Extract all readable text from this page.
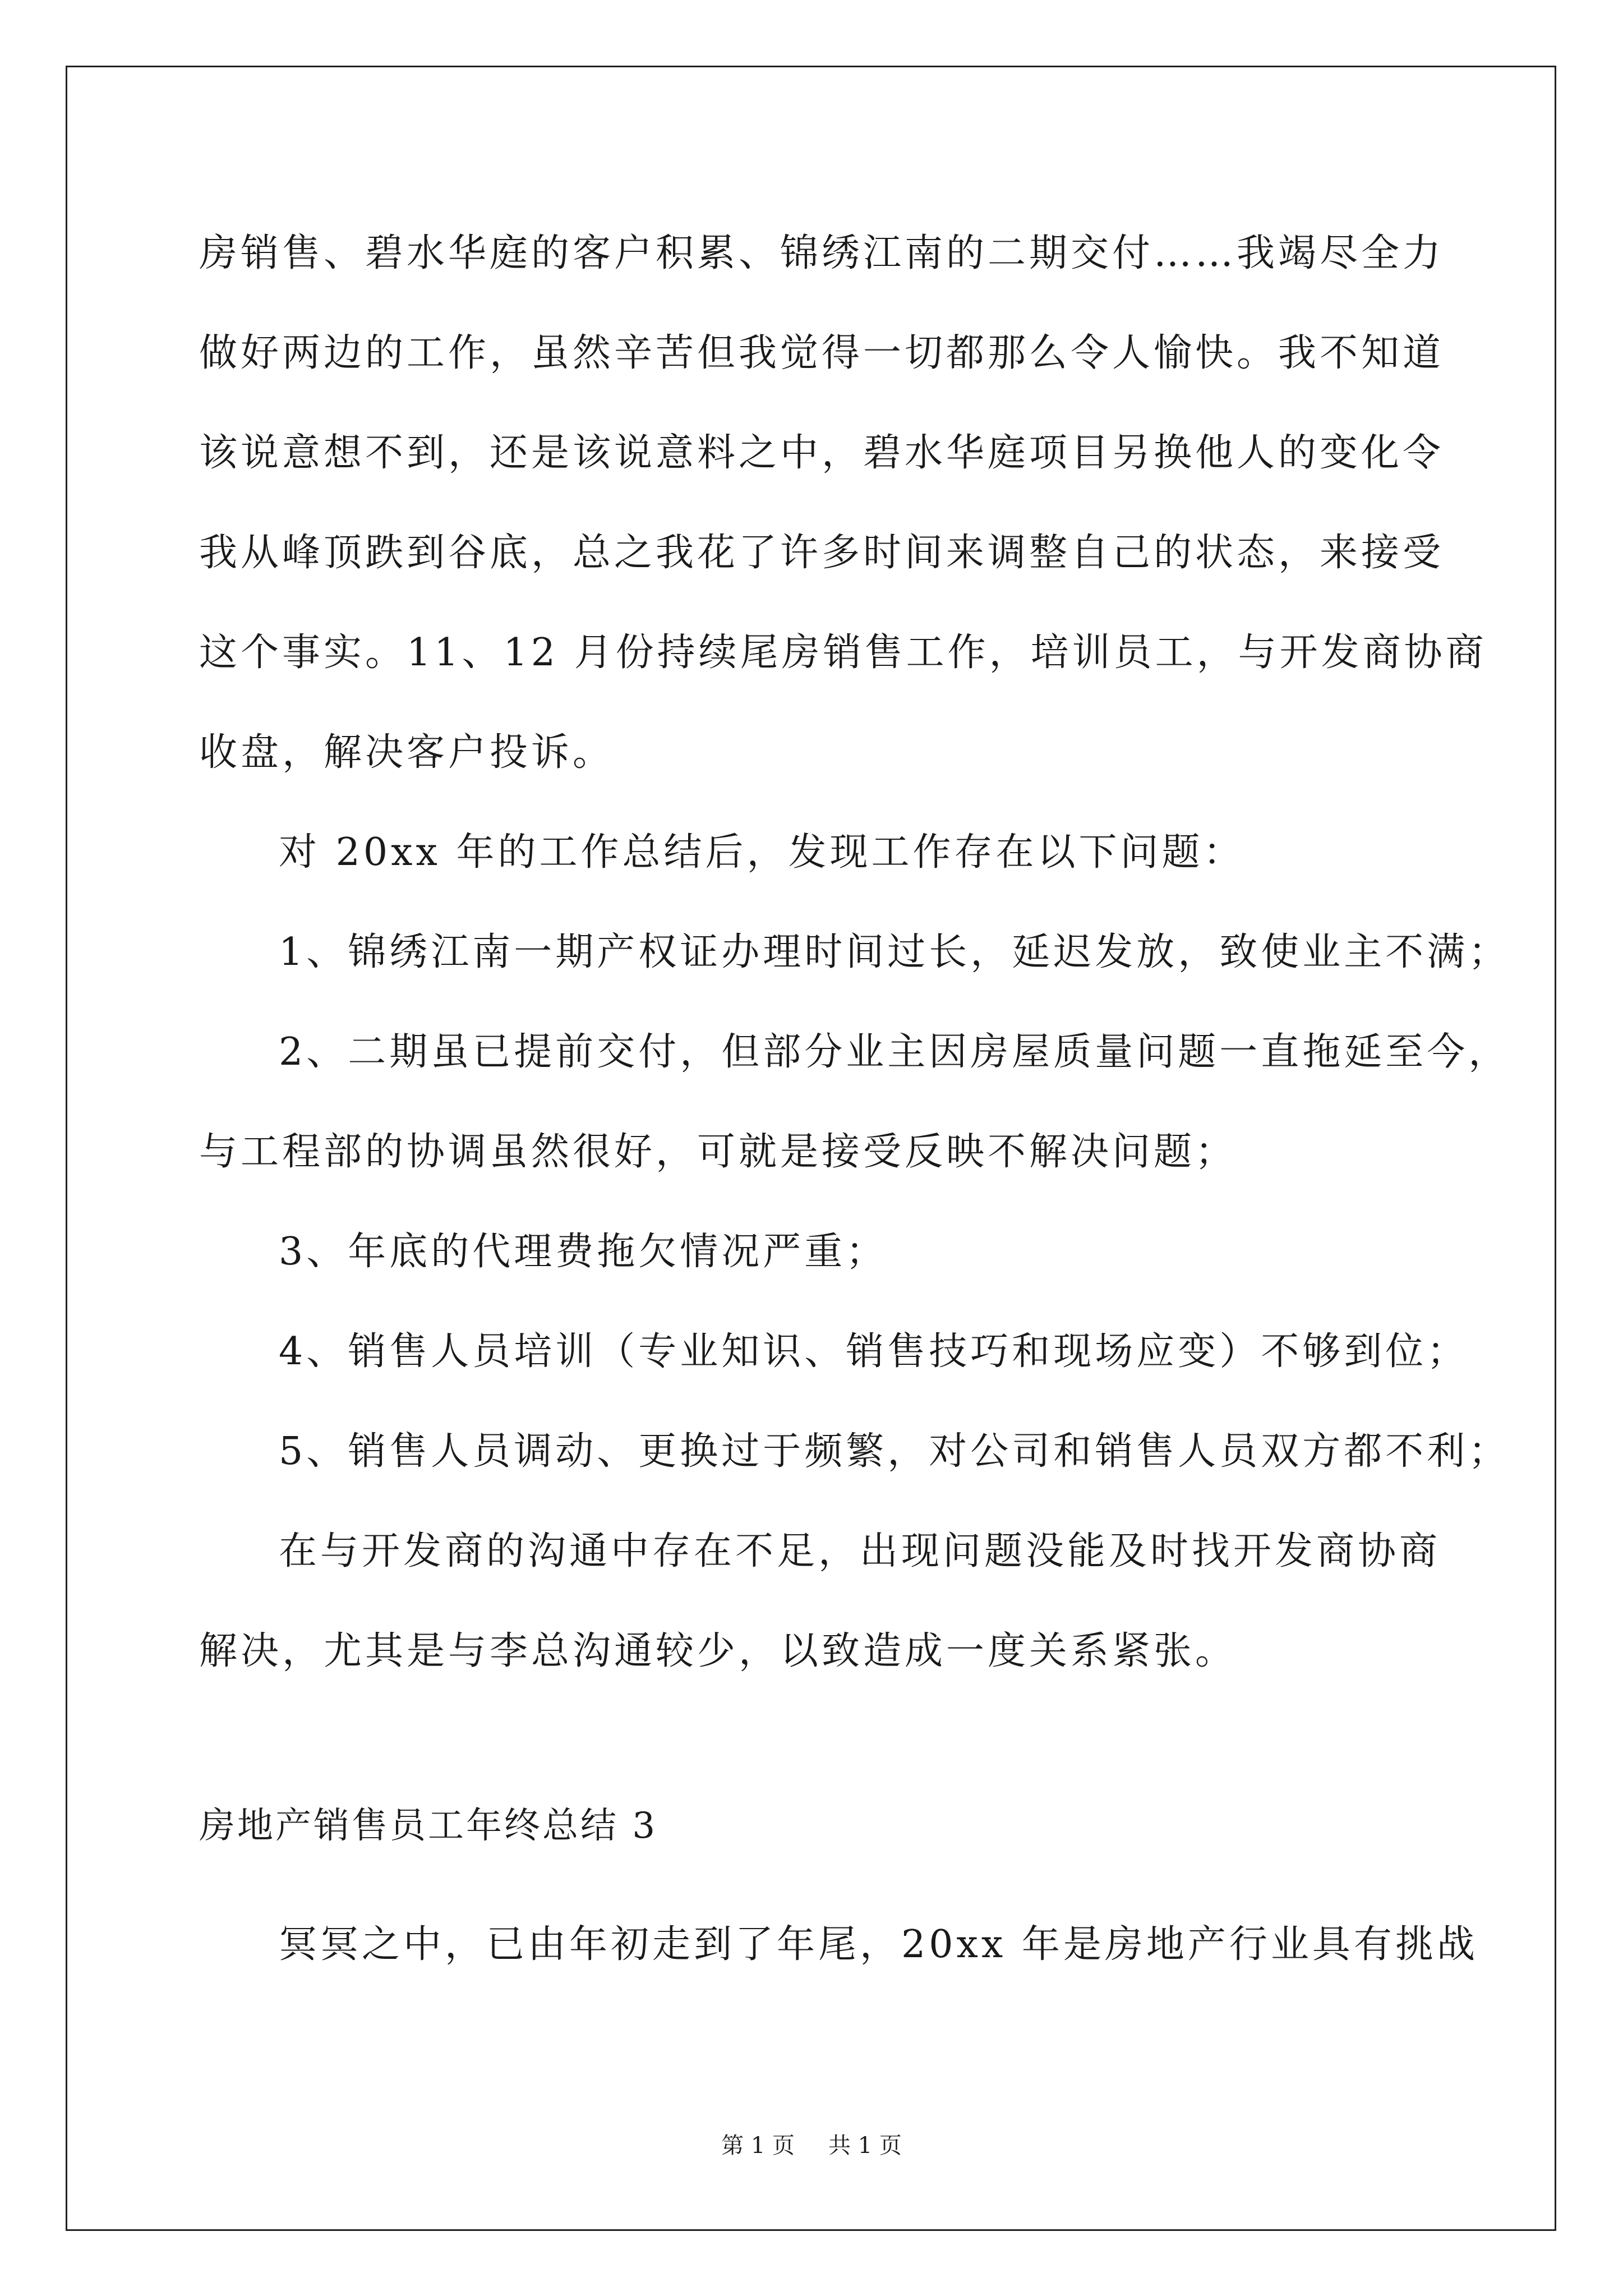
房销售、碧水华庭的客户积累、锦绣江南的二期交付……我竭尽全力
做好两边的工作，虽然辛苦但我觉得一切都那么令人愉快。我不知道
该说意想不到，还是该说意料之中，碧水华庭项目另换他人的变化令
我从峰顶跌到谷底，总之我花了许多时间来调整自己的状态，来接受
这个事实。11、12 月份持续尾房销售工作，培训员工，与开发商协商
收盘，解决客户投诉。
对 20xx 年的工作总结后，发现工作存在以下问题：
1、锦绣江南一期产权证办理时间过长，延迟发放，致使业主不满；
2、二期虽已提前交付，但部分业主因房屋质量问题一直拖延至今，
与工程部的协调虽然很好，可就是接受反映不解决问题；
3、年底的代理费拖欠情况严重；
4、销售人员培训（专业知识、销售技巧和现场应变）不够到位；
5、销售人员调动、更换过于频繁，对公司和销售人员双方都不利；
在与开发商的沟通中存在不足，出现问题没能及时找开发商协商
解决，尤其是与李总沟通较少，以致造成一度关系紧张。
房地产销售员工年终总结 3
冥冥之中，已由年初走到了年尾，20xx 年是房地产行业具有挑战
第 1 页 共 1 页
